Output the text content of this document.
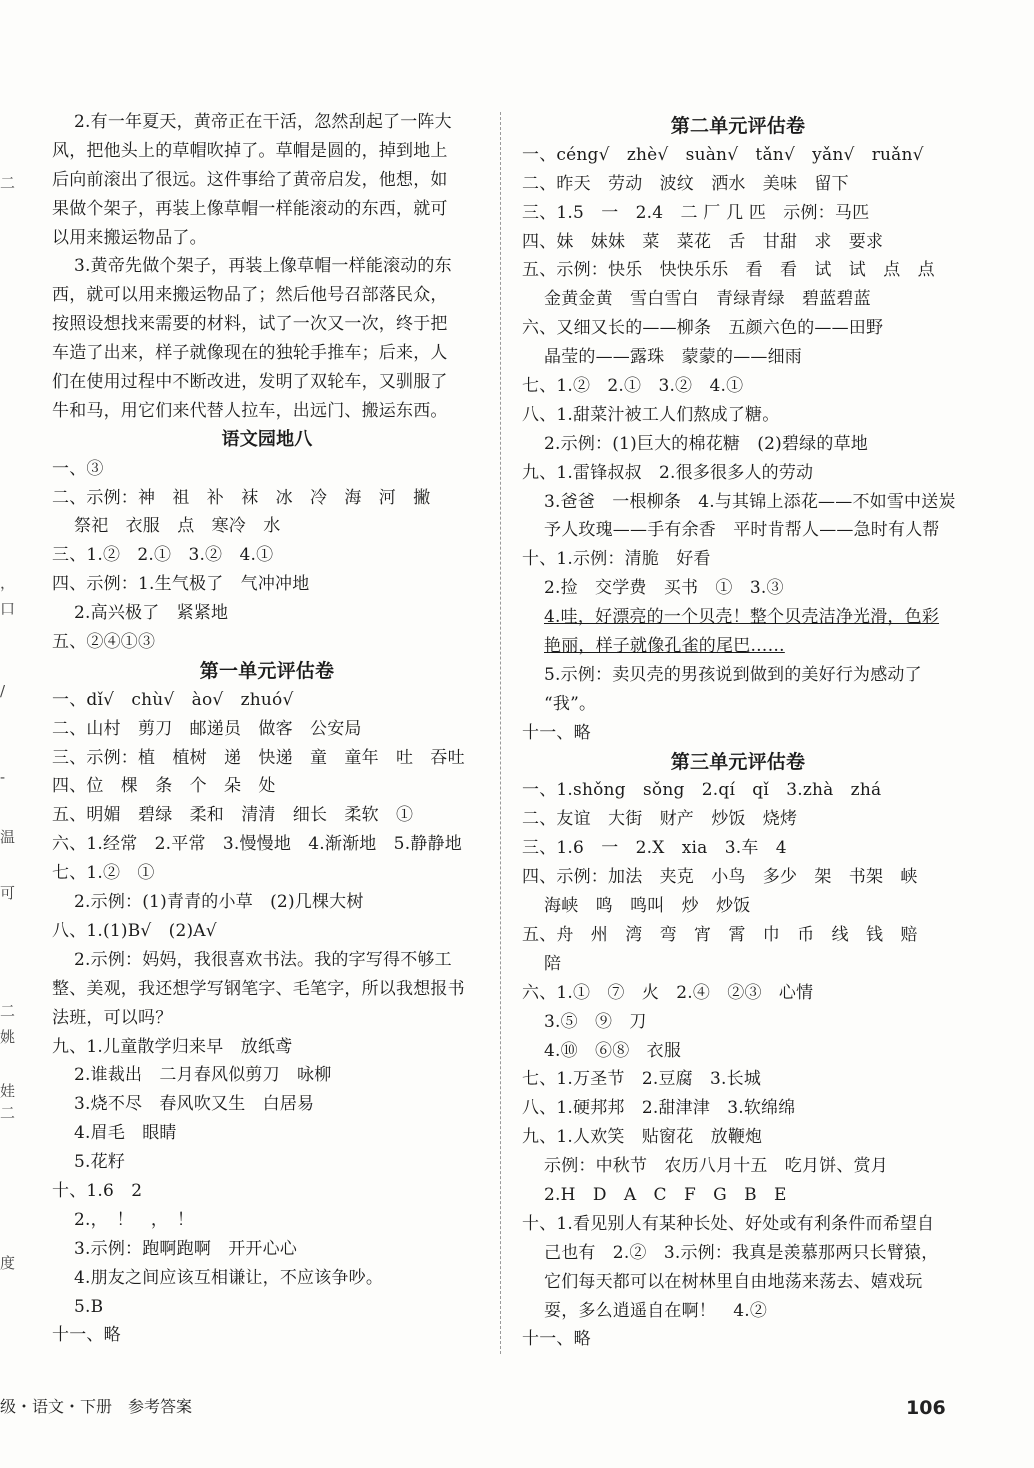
二
，
口
/
-
温
可
二
姚
娃
二
度
2.有一年夏天，黄帝正在干活，忽然刮起了一阵大
风，把他头上的草帽吹掉了。草帽是圆的，掉到地上
后向前滚出了很远。这件事给了黄帝启发，他想，如
果做个架子，再装上像草帽一样能滚动的东西，就可
以用来搬运物品了。
3.黄帝先做个架子，再装上像草帽一样能滚动的东
西，就可以用来搬运物品了；然后他号召部落民众，
按照设想找来需要的材料，试了一次又一次，终于把
车造了出来，样子就像现在的独轮手推车；后来，人
们在使用过程中不断改进，发明了双轮车，又驯服了
牛和马，用它们来代替人拉车，出远门、搬运东西。
语文园地八
一、③
二、示例：神　祖　补　袜　冰　冷　海　河　撇
祭祀　衣服　点　寒冷　水
三、1.②　2.①　3.②　4.①
四、示例：1.生气极了　气冲冲地
2.高兴极了　紧紧地
五、②④①③
第一单元评估卷
一、dǐ√　chù√　ào√　zhuó√
二、山村　剪刀　邮递员　做客　公安局
三、示例：植　植树　递　快递　童　童年　吐　吞吐
四、位　棵　条　个　朵　处
五、明媚　碧绿　柔和　清清　细长　柔软　①
六、1.经常　2.平常　3.慢慢地　4.渐渐地　5.静静地
七、1.②　①
2.示例：(1)青青的小草　(2)几棵大树
八、1.(1)B√　(2)A√
2.示例：妈妈，我很喜欢书法。我的字写得不够工
整、美观，我还想学写钢笔字、毛笔字，所以我想报书
法班，可以吗？
九、1.儿童散学归来早　放纸鸢
2.谁裁出　二月春风似剪刀　咏柳
3.烧不尽　春风吹又生　白居易
4.眉毛　眼睛
5.花籽
十、1.6　2
2.，　！　，　！
3.示例：跑啊跑啊　开开心心
4.朋友之间应该互相谦让，不应该争吵。
5.B
十一、略
第二单元评估卷
一、céng√　zhè√　suàn√　tǎn√　yǎn√　ruǎn√
二、昨天　劳动　波纹　洒水　美味　留下
三、1.5　一　2.4　⼆ ⼚ ⼏ 匹　示例：马匹
四、妹　妹妹　菜　菜花　舌　甘甜　求　要求
五、示例：快乐　快快乐乐　看　看　试　试　点　点
金黄金黄　雪白雪白　青绿青绿　碧蓝碧蓝
六、又细又长的——柳条　五颜六色的——田野
晶莹的——露珠　蒙蒙的——细雨
七、1.②　2.①　3.②　4.①
八、1.甜菜汁被工人们熬成了糖。
2.示例：(1)巨大的棉花糖　(2)碧绿的草地
九、1.雷锋叔叔　2.很多很多人的劳动
3.爸爸　一根柳条　4.与其锦上添花——不如雪中送炭
予人玫瑰——手有余香　平时肯帮人——急时有人帮
十、1.示例：清脆　好看
2.捡　交学费　买书　①　3.③
4.哇，好漂亮的一个贝壳！整个贝壳洁净光滑，色彩
艳丽，样子就像孔雀的尾巴……
5.示例：卖贝壳的男孩说到做到的美好行为感动了
“我”。
十一、略
第三单元评估卷
一、1.shǒng　sǒng　2.qí　qǐ　3.zhà　zhá
二、友谊　大街　财产　炒饭　烧烤
三、1.6　一　2.X　xia　3.车　4
四、示例：加法　夹克　小鸟　多少　架　书架　峡
海峡　鸣　鸣叫　炒　炒饭
五、舟　州　湾　弯　宵　霄　巾　币　线　钱　赔
陪
六、1.①　⑦　火　2.④　②③　心情
3.⑤　⑨　刀
4.⑩　⑥⑧　衣服
七、1.万圣节　2.豆腐　3.长城
八、1.硬邦邦　2.甜津津　3.软绵绵
九、1.人欢笑　贴窗花　放鞭炮
示例：中秋节　农历八月十五　吃月饼、赏月
2.H　D　A　C　F　G　B　E
十、1.看见别人有某种长处、好处或有利条件而希望自
己也有　2.②　3.示例：我真是羡慕那两只长臂猿，
它们每天都可以在树林里自由地荡来荡去、嬉戏玩
耍，多么逍遥自在啊！　4.②
十一、略
级・语文・下册　参考答案	106
